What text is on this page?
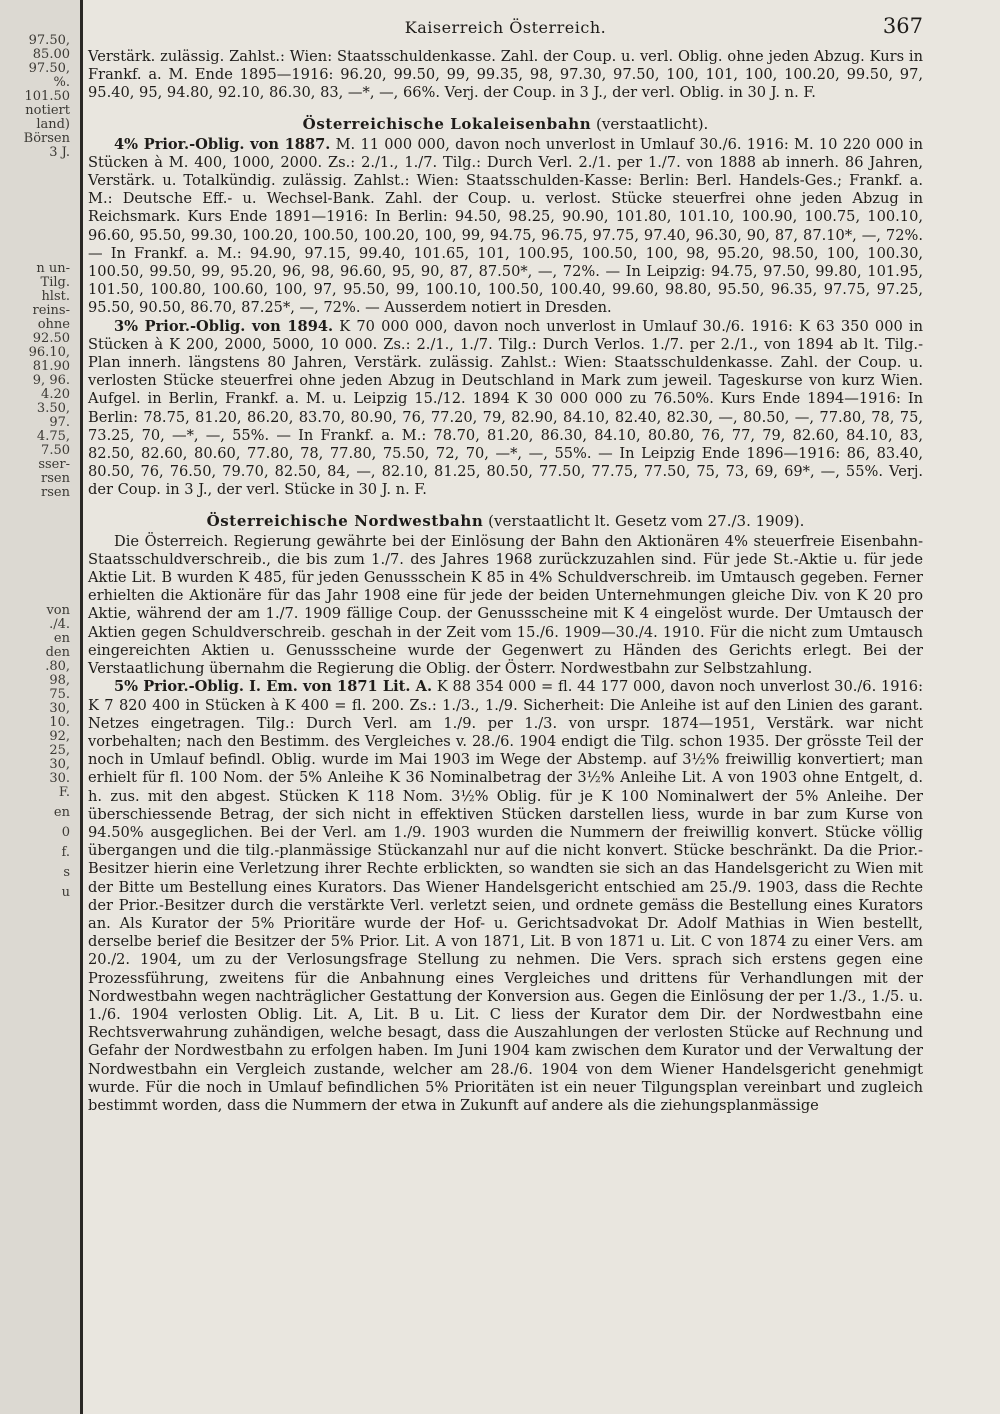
97.50,
85.00
97.50,
%.
101.50
notiert
land)
Börsen
3 J.
n un-
Tilg.
hlst.
reins-
ohne
92.50
96.10,
81.90
9, 96.
4.20
3.50,
97.
4.75,
7.50
sser-
rsen
rsen
von
./4.
en
den
.80,
98,
75.
30,
10.
92,
25,
30,
30.
F.
en
0
f.
s
u
Kaiserreich Österreich.	367

Verstärk. zulässig. Zahlst.: Wien: Staatsschuldenkasse. Zahl. der Coup. u. verl. Oblig. ohne jeden Abzug. Kurs in Frankf. a. M. Ende 1895—1916: 96.20, 99.50, 99, 99.35, 98, 97.30, 97.50, 100, 101, 100, 100.20, 99.50, 97, 95.40, 95, 94.80, 92.10, 86.30, 83, —*, —, 66%. Verj. der Coup. in 3 J., der verl. Oblig. in 30 J. n. F.

Österreichische Lokaleisenbahn (verstaatlicht).

4% Prior.-Oblig. von 1887. M. 11 000 000, davon noch unverlost in Umlauf 30./6. 1916: M. 10 220 000 in Stücken à M. 400, 1000, 2000. Zs.: 2./1., 1./7. Tilg.: Durch Verl. 2./1. per 1./7. von 1888 ab innerh. 86 Jahren, Verstärk. u. Totalkündig. zulässig. Zahlst.: Wien: Staatsschulden-Kasse: Berlin: Berl. Handels-Ges.; Frankf. a. M.: Deutsche Eff.- u. Wechsel-Bank. Zahl. der Coup. u. verlost. Stücke steuerfrei ohne jeden Abzug in Reichsmark. Kurs Ende 1891—1916: In Berlin: 94.50, 98.25, 90.90, 101.80, 101.10, 100.90, 100.75, 100.10, 96.60, 95.50, 99.30, 100.20, 100.50, 100.20, 100, 99, 94.75, 96.75, 97.75, 97.40, 96.30, 90, 87, 87.10*, —, 72%. — In Frankf. a. M.: 94.90, 97.15, 99.40, 101.65, 101, 100.95, 100.50, 100, 98, 95.20, 98.50, 100, 100.30, 100.50, 99.50, 99, 95.20, 96, 98, 96.60, 95, 90, 87, 87.50*, —, 72%. — In Leipzig: 94.75, 97.50, 99.80, 101.95, 101.50, 100.80, 100.60, 100, 97, 95.50, 99, 100.10, 100.50, 100.40, 99.60, 98.80, 95.50, 96.35, 97.75, 97.25, 95.50, 90.50, 86.70, 87.25*, —, 72%. — Ausserdem notiert in Dresden.

3% Prior.-Oblig. von 1894. K 70 000 000, davon noch unverlost in Umlauf 30./6. 1916: K 63 350 000 in Stücken à K 200, 2000, 5000, 10 000. Zs.: 2./1., 1./7. Tilg.: Durch Verlos. 1./7. per 2./1., von 1894 ab lt. Tilg.-Plan innerh. längstens 80 Jahren, Verstärk. zulässig. Zahlst.: Wien: Staatsschuldenkasse. Zahl. der Coup. u. verlosten Stücke steuerfrei ohne jeden Abzug in Deutschland in Mark zum jeweil. Tageskurse von kurz Wien. Aufgel. in Berlin, Frankf. a. M. u. Leipzig 15./12. 1894 K 30 000 000 zu 76.50%. Kurs Ende 1894—1916: In Berlin: 78.75, 81.20, 86.20, 83.70, 80.90, 76, 77.20, 79, 82.90, 84.10, 82.40, 82.30, —, 80.50, —, 77.80, 78, 75, 73.25, 70, —*, —, 55%. — In Frankf. a. M.: 78.70, 81.20, 86.30, 84.10, 80.80, 76, 77, 79, 82.60, 84.10, 83, 82.50, 82.60, 80.60, 77.80, 78, 77.80, 75.50, 72, 70, —*, —, 55%. — In Leipzig Ende 1896—1916: 86, 83.40, 80.50, 76, 76.50, 79.70, 82.50, 84, —, 82.10, 81.25, 80.50, 77.50, 77.75, 77.50, 75, 73, 69, 69*, —, 55%. Verj. der Coup. in 3 J., der verl. Stücke in 30 J. n. F.

Österreichische Nordwestbahn (verstaatlicht lt. Gesetz vom 27./3. 1909).

Die Österreich. Regierung gewährte bei der Einlösung der Bahn den Aktionären 4% steuerfreie Eisenbahn-Staatsschuldverschreib., die bis zum 1./7. des Jahres 1968 zurückzuzahlen sind. Für jede St.-Aktie u. für jede Aktie Lit. B wurden K 485, für jeden Genussschein K 85 in 4% Schuldverschreib. im Umtausch gegeben. Ferner erhielten die Aktionäre für das Jahr 1908 eine für jede der beiden Unternehmungen gleiche Div. von K 20 pro Aktie, während der am 1./7. 1909 fällige Coup. der Genussscheine mit K 4 eingelöst wurde. Der Umtausch der Aktien gegen Schuldverschreib. geschah in der Zeit vom 15./6. 1909—30./4. 1910. Für die nicht zum Umtausch eingereichten Aktien u. Genussscheine wurde der Gegenwert zu Händen des Gerichts erlegt. Bei der Verstaatlichung übernahm die Regierung die Oblig. der Österr. Nordwestbahn zur Selbstzahlung.

5% Prior.-Oblig. I. Em. von 1871 Lit. A. K 88 354 000 = fl. 44 177 000, davon noch unverlost 30./6. 1916: K 7 820 400 in Stücken à K 400 = fl. 200. Zs.: 1./3., 1./9. Sicherheit: Die Anleihe ist auf den Linien des garant. Netzes eingetragen. Tilg.: Durch Verl. am 1./9. per 1./3. von urspr. 1874—1951, Verstärk. war nicht vorbehalten; nach den Bestimm. des Vergleiches v. 28./6. 1904 endigt die Tilg. schon 1935. Der grösste Teil der noch in Umlauf befindl. Oblig. wurde im Mai 1903 im Wege der Abstemp. auf 3½% freiwillig konvertiert; man erhielt für fl. 100 Nom. der 5% Anleihe K 36 Nominalbetrag der 3½% Anleihe Lit. A von 1903 ohne Entgelt, d. h. zus. mit den abgest. Stücken K 118 Nom. 3½% Oblig. für je K 100 Nominalwert der 5% Anleihe. Der überschiessende Betrag, der sich nicht in effektiven Stücken darstellen liess, wurde in bar zum Kurse von 94.50% ausgeglichen. Bei der Verl. am 1./9. 1903 wurden die Nummern der freiwillig konvert. Stücke völlig übergangen und die tilg.-planmässige Stückanzahl nur auf die nicht konvert. Stücke beschränkt. Da die Prior.-Besitzer hierin eine Verletzung ihrer Rechte erblickten, so wandten sie sich an das Handelsgericht zu Wien mit der Bitte um Bestellung eines Kurators. Das Wiener Handelsgericht entschied am 25./9. 1903, dass die Rechte der Prior.-Besitzer durch die verstärkte Verl. verletzt seien, und ordnete gemäss die Bestellung eines Kurators an. Als Kurator der 5% Prioritäre wurde der Hof- u. Gerichtsadvokat Dr. Adolf Mathias in Wien bestellt, derselbe berief die Besitzer der 5% Prior. Lit. A von 1871, Lit. B von 1871 u. Lit. C von 1874 zu einer Vers. am 20./2. 1904, um zu der Verlosungsfrage Stellung zu nehmen. Die Vers. sprach sich erstens gegen eine Prozessführung, zweitens für die Anbahnung eines Vergleiches und drittens für Verhandlungen mit der Nordwestbahn wegen nachträglicher Gestattung der Konversion aus. Gegen die Einlösung der per 1./3., 1./5. u. 1./6. 1904 verlosten Oblig. Lit. A, Lit. B u. Lit. C liess der Kurator dem Dir. der Nordwestbahn eine Rechtsverwahrung zuhändigen, welche besagt, dass die Auszahlungen der verlosten Stücke auf Rechnung und Gefahr der Nordwestbahn zu erfolgen haben. Im Juni 1904 kam zwischen dem Kurator und der Verwaltung der Nordwestbahn ein Vergleich zustande, welcher am 28./6. 1904 von dem Wiener Handelsgericht genehmigt wurde. Für die noch in Umlauf befindlichen 5% Prioritäten ist ein neuer Tilgungsplan vereinbart und zugleich bestimmt worden, dass die Nummern der etwa in Zukunft auf andere als die ziehungsplanmässige
